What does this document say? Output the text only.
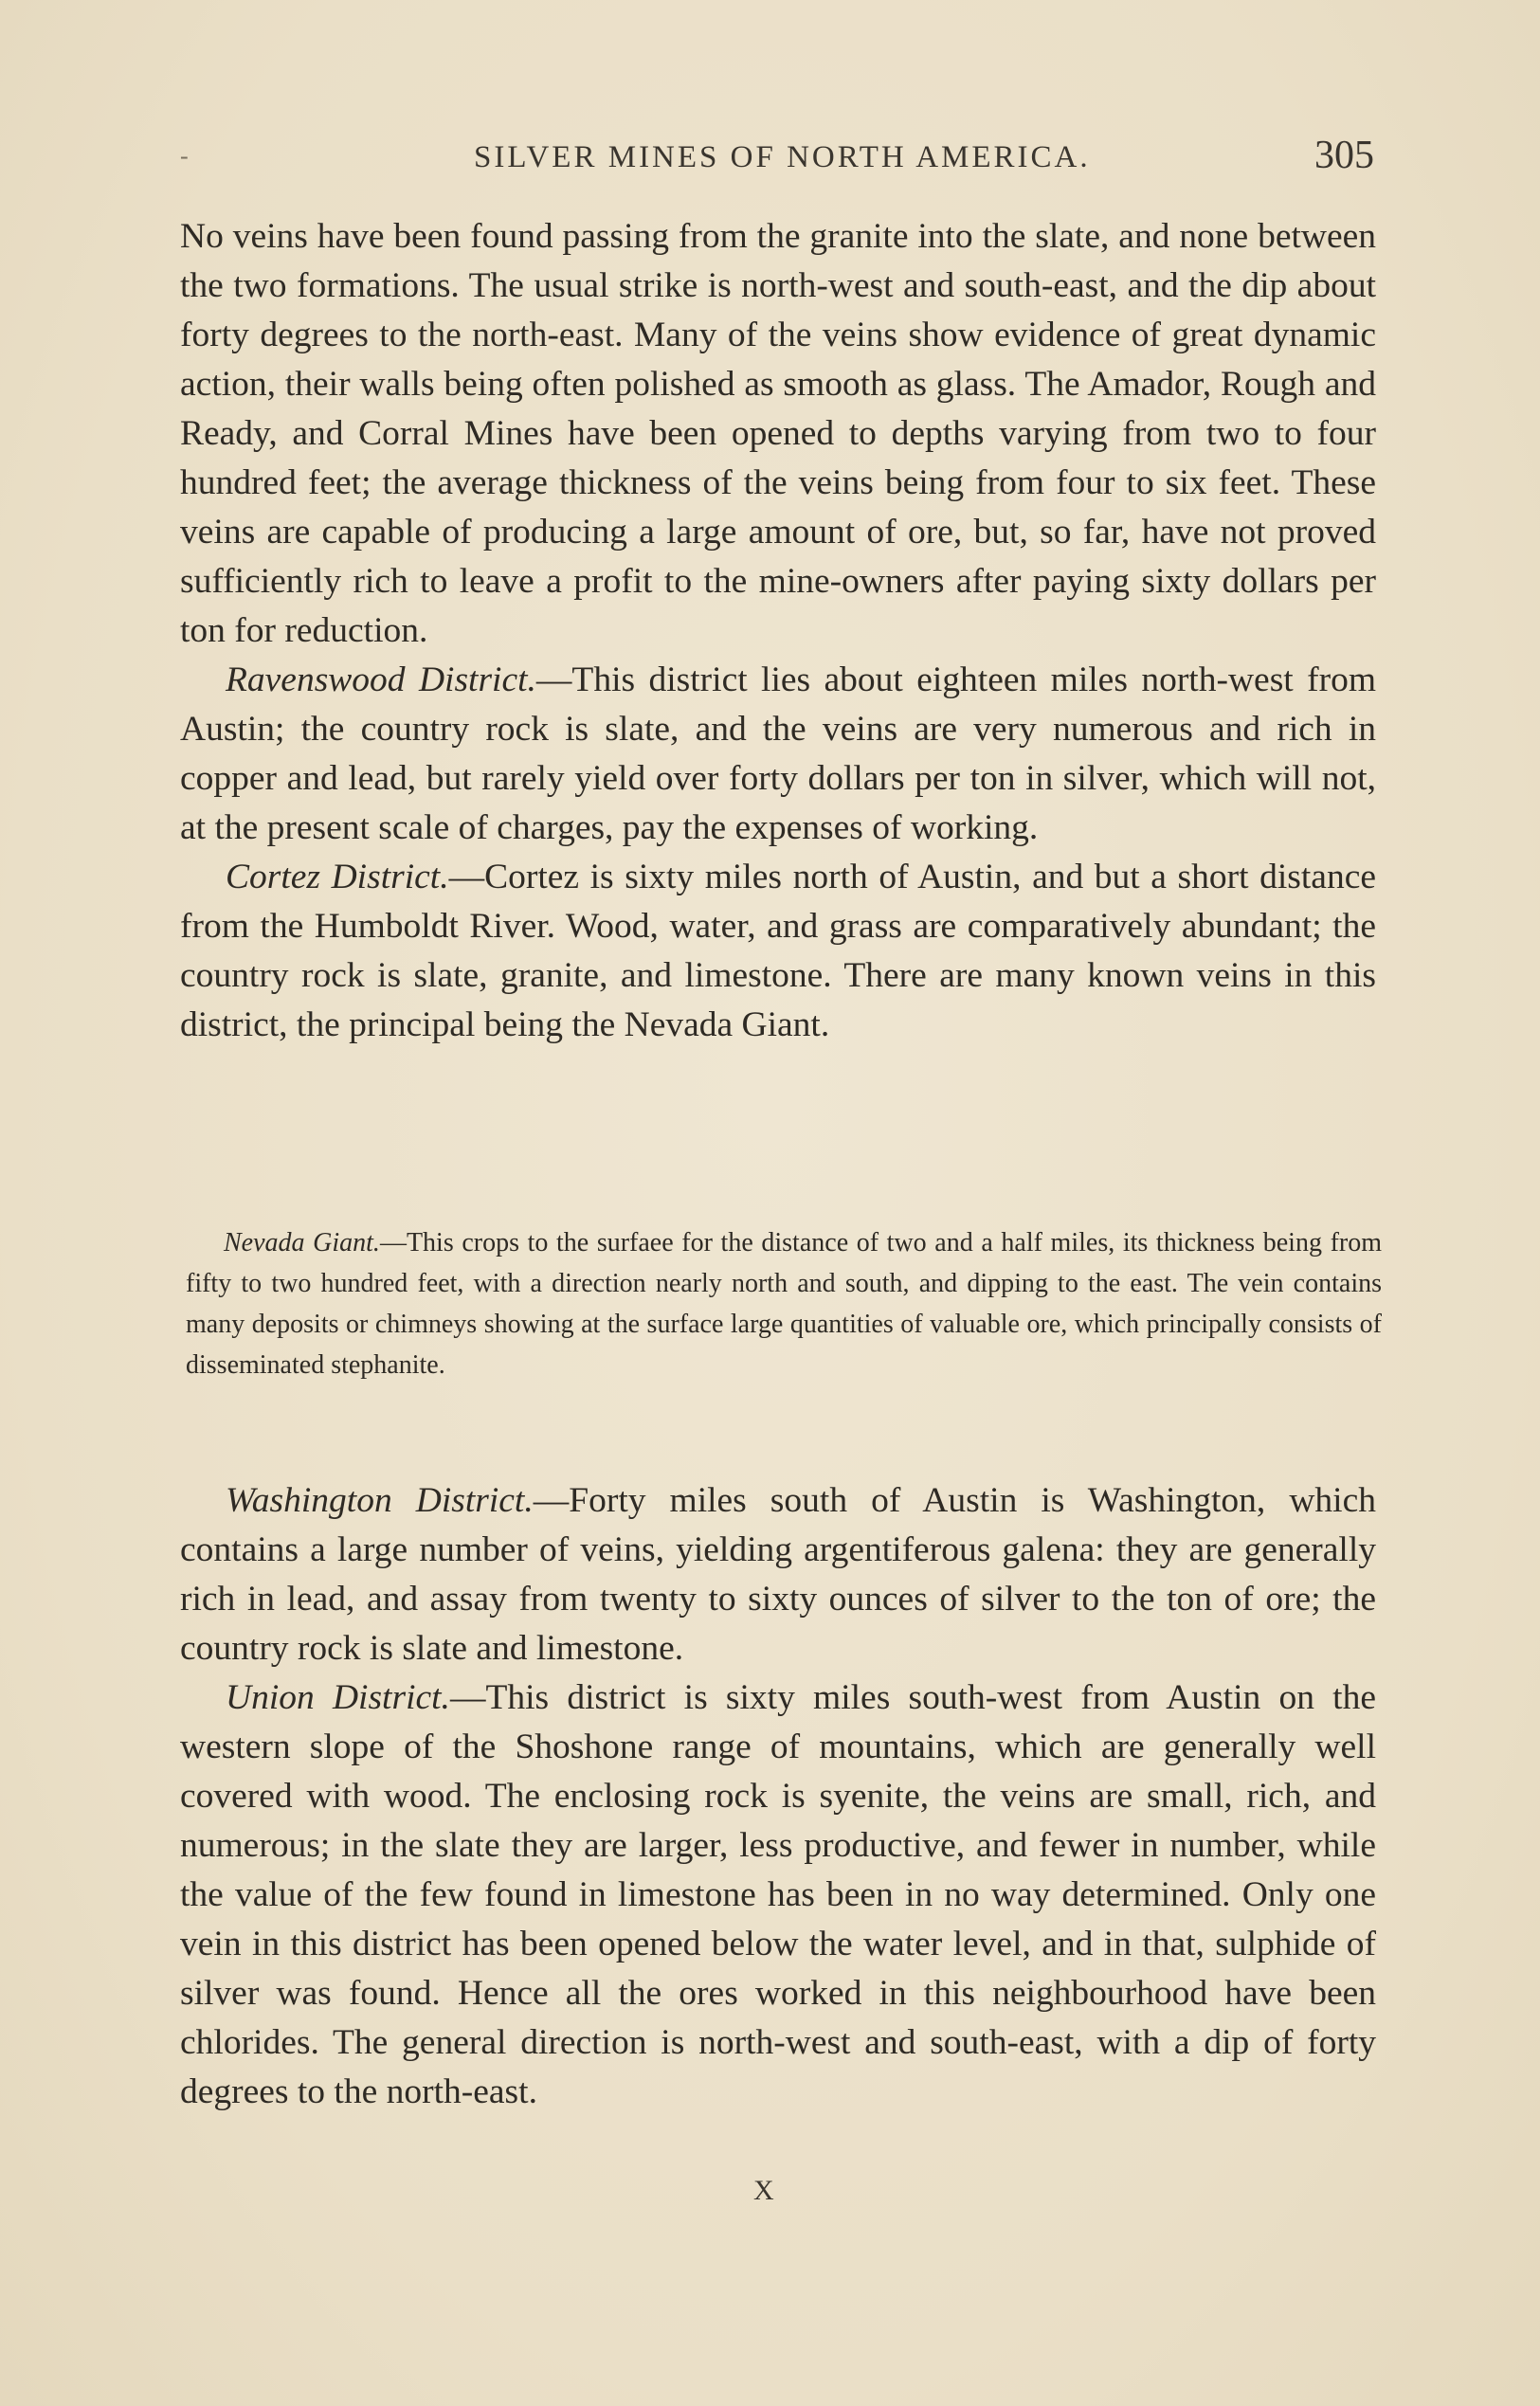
-	SILVER MINES OF NORTH AMERICA.	305

No veins have been found passing from the granite into the slate, and none between the two formations. The usual strike is north-west and south-east, and the dip about forty degrees to the north-east. Many of the veins show evidence of great dynamic action, their walls being often polished as smooth as glass. The Amador, Rough and Ready, and Corral Mines have been opened to depths varying from two to four hundred feet; the average thickness of the veins being from four to six feet. These veins are capable of producing a large amount of ore, but, so far, have not proved sufficiently rich to leave a profit to the mine-owners after paying sixty dollars per ton for reduction.

Ravenswood District.—This district lies about eighteen miles north-west from Austin; the country rock is slate, and the veins are very numerous and rich in copper and lead, but rarely yield over forty dollars per ton in silver, which will not, at the present scale of charges, pay the expenses of working.

Cortez District.—Cortez is sixty miles north of Austin, and but a short distance from the Humboldt River. Wood, water, and grass are comparatively abundant; the country rock is slate, granite, and limestone. There are many known veins in this district, the principal being the Nevada Giant.

Nevada Giant.—This crops to the surfaee for the distance of two and a half miles, its thickness being from fifty to two hundred feet, with a direction nearly north and south, and dipping to the east. The vein contains many deposits or chimneys showing at the surface large quantities of valuable ore, which principally consists of disseminated stephanite.

Washington District.—Forty miles south of Austin is Washington, which contains a large number of veins, yielding argentiferous galena: they are generally rich in lead, and assay from twenty to sixty ounces of silver to the ton of ore; the country rock is slate and limestone.

Union District.—This district is sixty miles south-west from Austin on the western slope of the Shoshone range of mountains, which are generally well covered with wood. The enclosing rock is syenite, the veins are small, rich, and numerous; in the slate they are larger, less productive, and fewer in number, while the value of the few found in limestone has been in no way determined. Only one vein in this district has been opened below the water level, and in that, sulphide of silver was found. Hence all the ores worked in this neighbourhood have been chlorides. The general direction is north-west and south-east, with a dip of forty degrees to the north-east.

X
